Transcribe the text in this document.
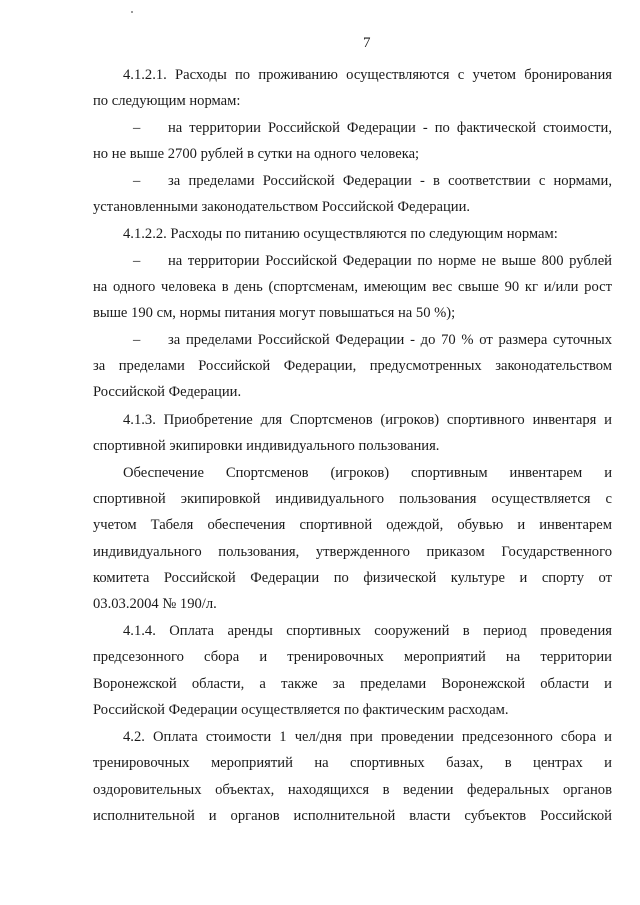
7
4.1.2.1. Расходы по проживанию осуществляются с учетом бронирования
по следующим нормам:
– на территории Российской Федерации - по фактической стоимости,
но не выше 2700 рублей в сутки на одного человека;
– за пределами Российской Федерации - в соответствии с нормами,
установленными законодательством Российской Федерации.
4.1.2.2. Расходы по питанию осуществляются по следующим нормам:
– на территории Российской Федерации по норме не выше 800 рублей
на одного человека в день (спортсменам, имеющим вес свыше 90 кг и/или рост
выше 190 см, нормы питания могут повышаться на 50 %);
– за пределами Российской Федерации - до 70 % от размера суточных
за пределами Российской Федерации, предусмотренных законодательством
Российской Федерации.
4.1.3. Приобретение для Спортсменов (игроков) спортивного инвентаря и
спортивной экипировки индивидуального пользования.
Обеспечение Спортсменов (игроков) спортивным инвентарем и
спортивной экипировкой индивидуального пользования осуществляется с
учетом Табеля обеспечения спортивной одеждой, обувью и инвентарем
индивидуального пользования, утвержденного приказом Государственного
комитета Российской Федерации по физической культуре и спорту от
03.03.2004 № 190/л.
4.1.4. Оплата аренды спортивных сооружений в период проведения
предсезонного сбора и тренировочных мероприятий на территории
Воронежской области, а также за пределами Воронежской области и
Российской Федерации осуществляется по фактическим расходам.
4.2. Оплата стоимости 1 чел/дня при проведении предсезонного сбора и
тренировочных мероприятий на спортивных базах, в центрах и
оздоровительных объектах, находящихся в ведении федеральных органов
исполнительной и органов исполнительной власти субъектов Российской
